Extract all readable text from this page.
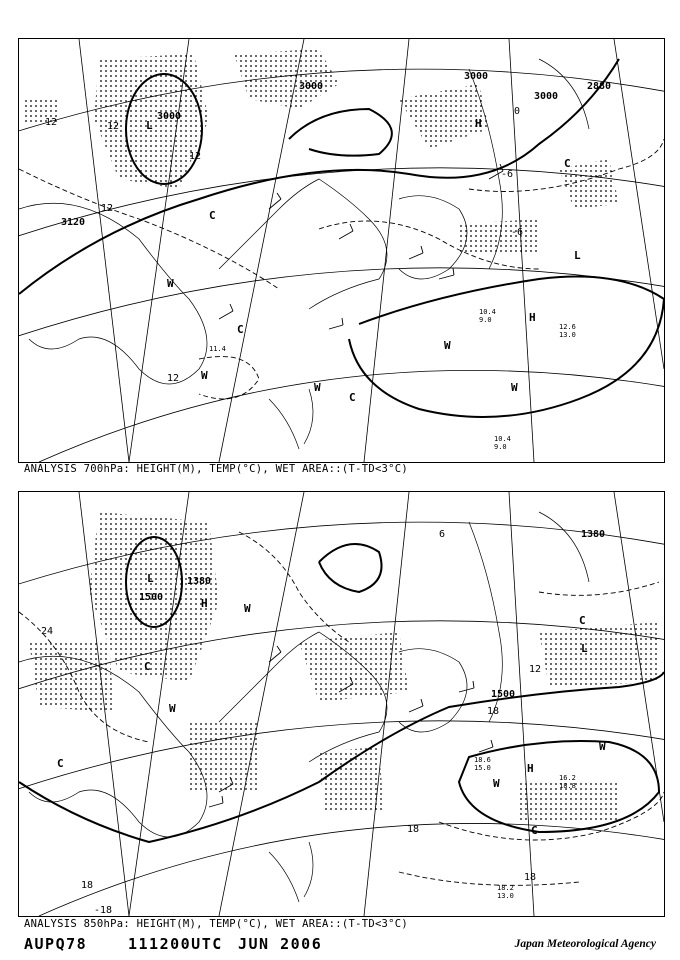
3000
3000
3000
3000
3120
2880
12
12
12
12
12
-6
-6
0
L	H
H
L
W
W
W
W
W
C
C
C
C
10.4
9.0
10.4
9.0
12.6
13.0
11.4
ANALYSIS 700hPa: HEIGHT(M), TEMP(°C), WET AREA::(T-TD<3°C)
1500
1380
1380
1500
18
18
18
18
12
24
-18
6
L
L
H
H
W
W
W
W
C
C
C
C
18.6
15.0
18.2
13.0
16.2
18.8
ANALYSIS 850hPa: HEIGHT(M), TEMP(°C), WET AREA::(T-TD<3°C)
AUPQ78	111200UTC JUN 2006	Japan Meteorological Agency
